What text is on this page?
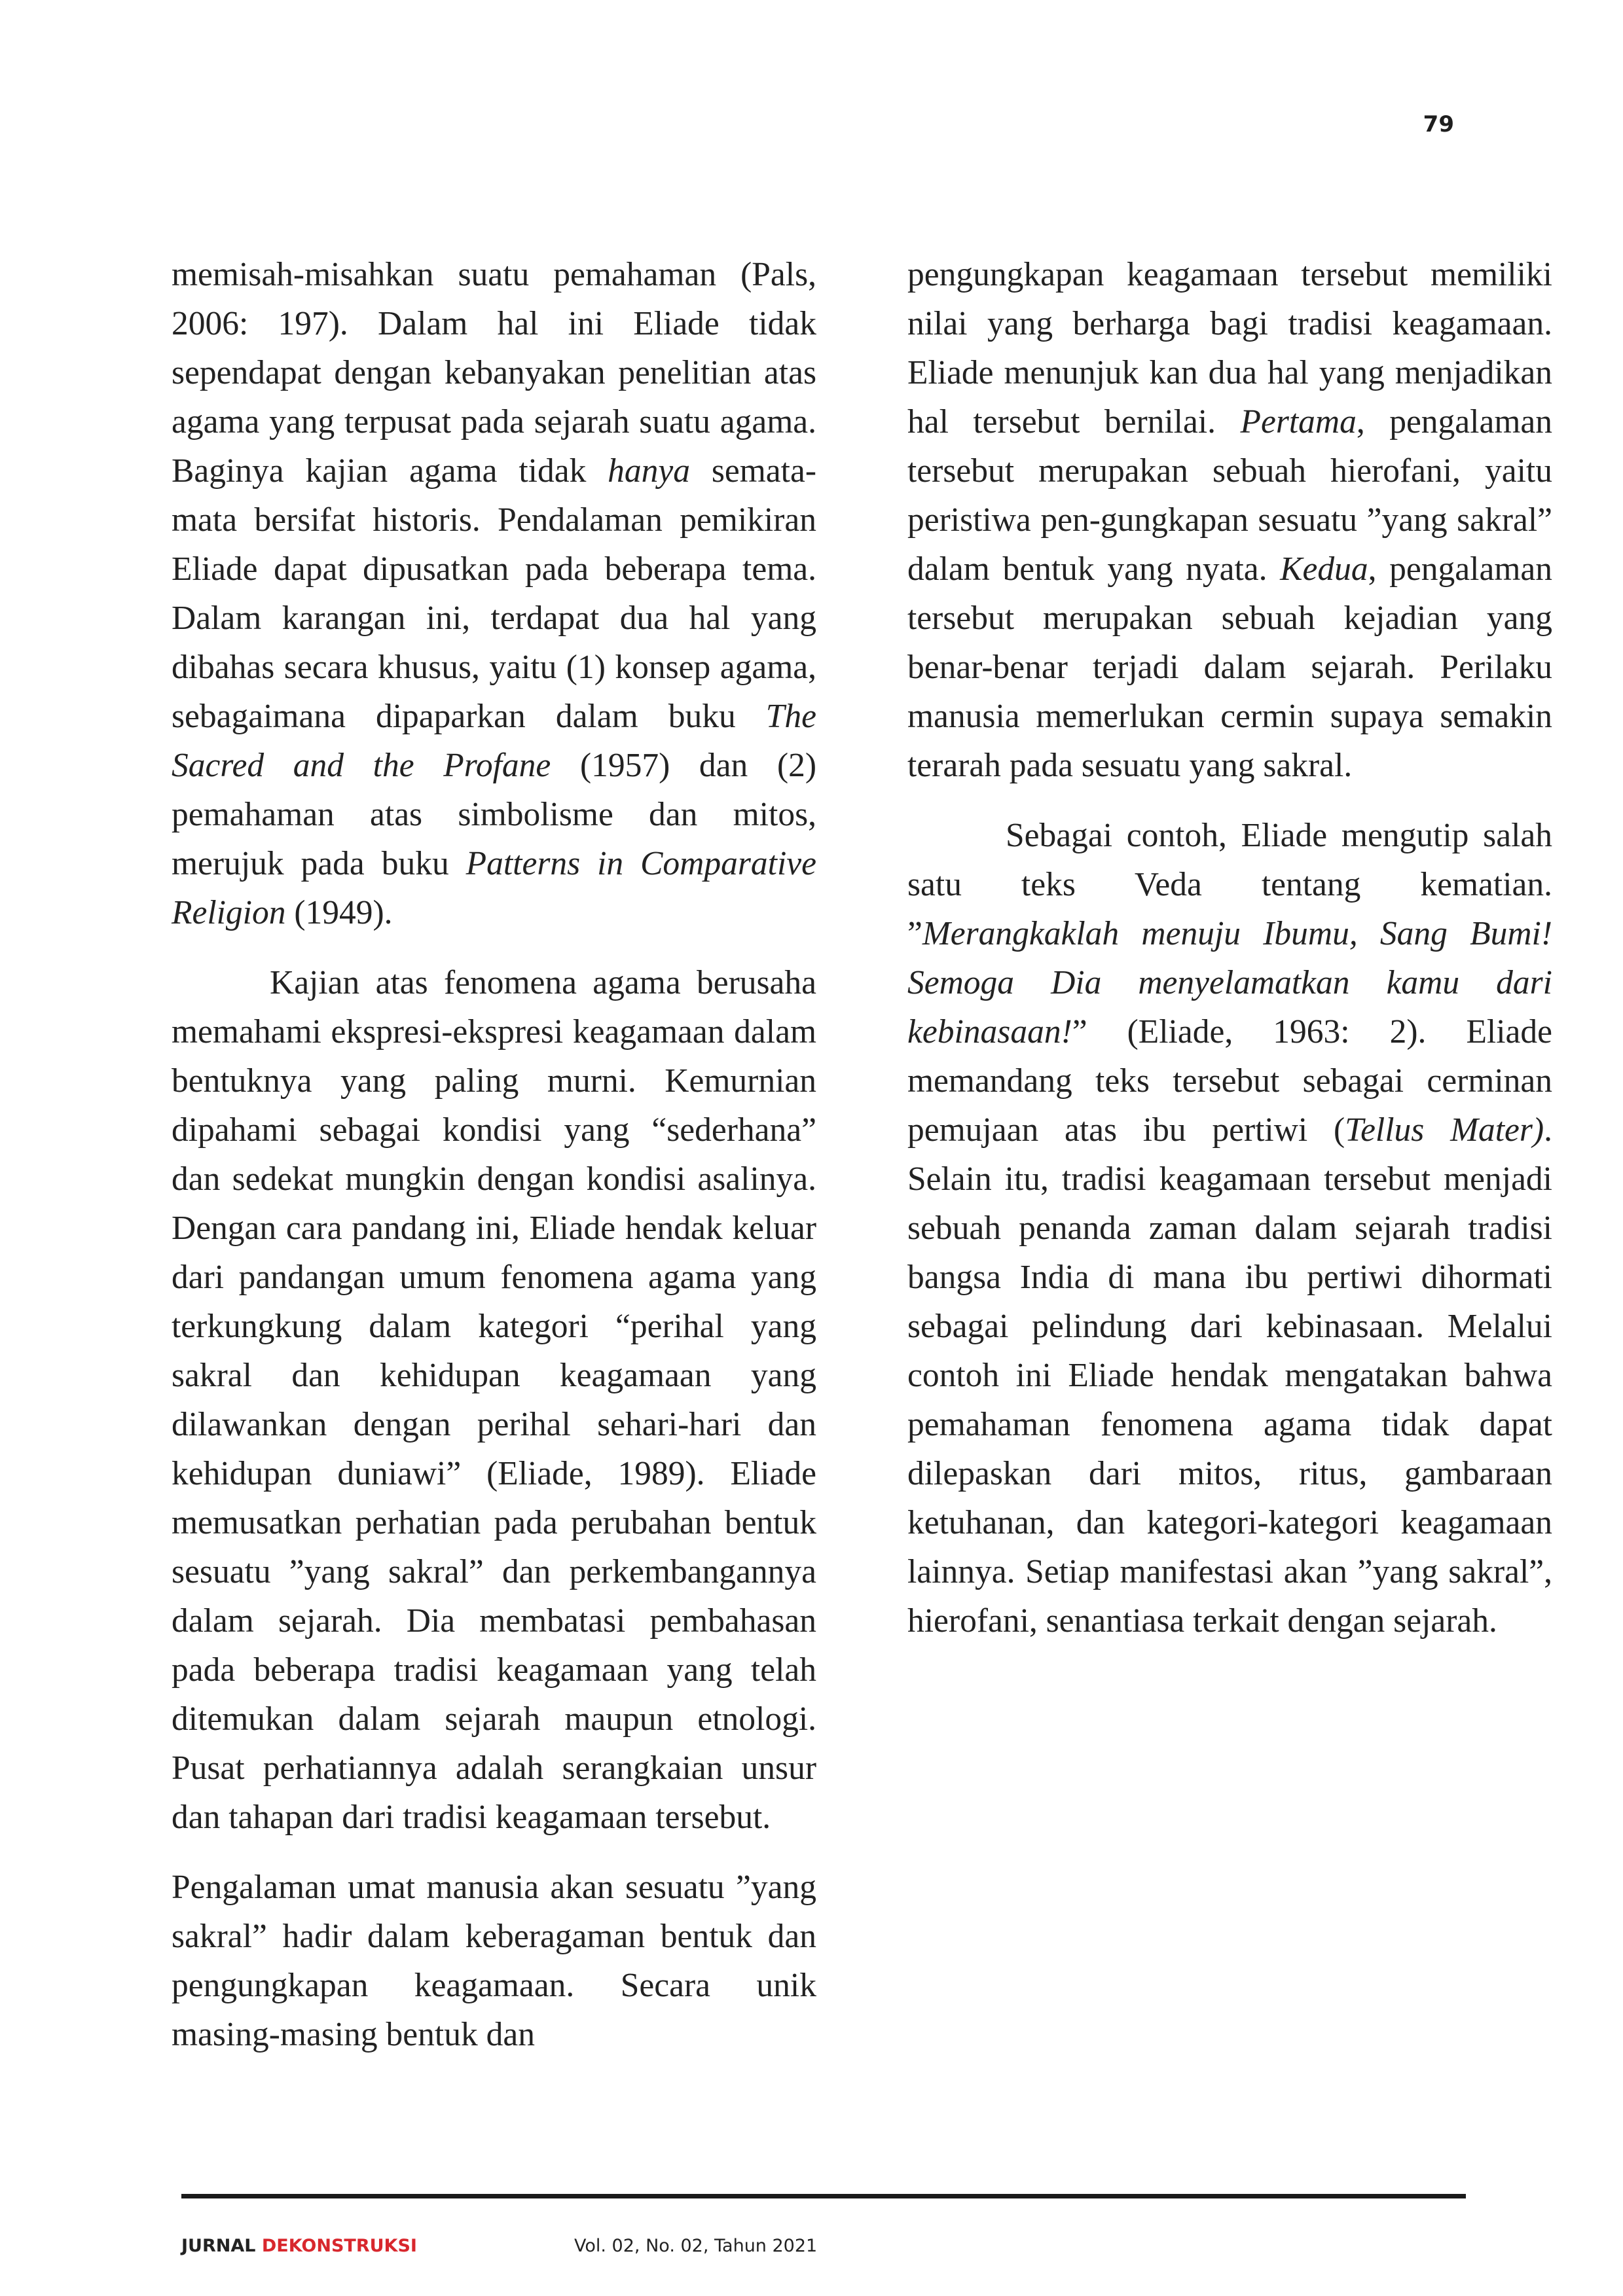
79

memisah-misahkan suatu pemahaman (Pals, 2006: 197). Dalam hal ini Eliade tidak sependapat dengan kebanyakan penelitian atas agama yang terpusat pada sejarah suatu agama. Baginya kajian agama tidak hanya semata-mata bersifat historis. Pendalaman pemikiran Eliade dapat dipusatkan pada beberapa tema. Dalam karangan ini, terdapat dua hal yang dibahas secara khusus, yaitu (1) konsep agama, sebagaimana dipaparkan dalam buku The Sacred and the Profane (1957) dan (2) pemahaman atas simbolisme dan mitos, merujuk pada buku Patterns in Comparative Religion (1949).

Kajian atas fenomena agama berusaha memahami ekspresi-ekspresi keagamaan dalam bentuknya yang paling murni. Kemurnian dipahami sebagai kondisi yang “sederhana” dan sedekat mungkin dengan kondisi asalinya. Dengan cara pandang ini, Eliade hendak keluar dari pandangan umum fenomena agama yang terkungkung dalam kategori “perihal yang sakral dan kehidupan keagamaan yang dilawankan dengan perihal sehari-hari dan kehidupan duniawi” (Eliade, 1989). Eliade memusatkan perhatian pada perubahan bentuk sesuatu ”yang sakral” dan perkembangannya dalam sejarah. Dia membatasi pembahasan pada beberapa tradisi keagamaan yang telah ditemukan dalam sejarah maupun etnologi. Pusat perhatiannya adalah serangkaian unsur dan tahapan dari tradisi keagamaan tersebut.

Pengalaman umat manusia akan sesuatu ”yang sakral” hadir dalam keberagaman bentuk dan pengungkapan keagamaan. Secara unik masing-masing bentuk dan

pengungkapan keagamaan tersebut memiliki nilai yang berharga bagi tradisi keagamaan. Eliade menunjuk kan dua hal yang menjadikan hal tersebut bernilai. Pertama, pengalaman tersebut merupakan sebuah hierofani, yaitu peristiwa pen-gungkapan sesuatu ”yang sakral” dalam bentuk yang nyata. Kedua, pengalaman tersebut merupakan sebuah kejadian yang benar-benar terjadi dalam sejarah. Perilaku manusia memerlukan cermin supaya semakin terarah pada sesuatu yang sakral.

Sebagai contoh, Eliade mengutip salah satu teks Veda tentang kematian. ”Merangkaklah menuju Ibumu, Sang Bumi! Semoga Dia menyelamatkan kamu dari kebinasaan!” (Eliade, 1963: 2). Eliade memandang teks tersebut sebagai cerminan pemujaan atas ibu pertiwi (Tellus Mater). Selain itu, tradisi keagamaan tersebut menjadi sebuah penanda zaman dalam sejarah tradisi bangsa India di mana ibu pertiwi dihormati sebagai pelindung dari kebinasaan. Melalui contoh ini Eliade hendak mengatakan bahwa pemahaman fenomena agama tidak dapat dilepaskan dari mitos, ritus, gambaraan ketuhanan, dan kategori-kategori keagamaan lainnya. Setiap manifestasi akan ”yang sakral”, hierofani, senantiasa terkait dengan sejarah.

JURNAL DEKONSTRUKSI	Vol. 02, No. 02, Tahun 2021
